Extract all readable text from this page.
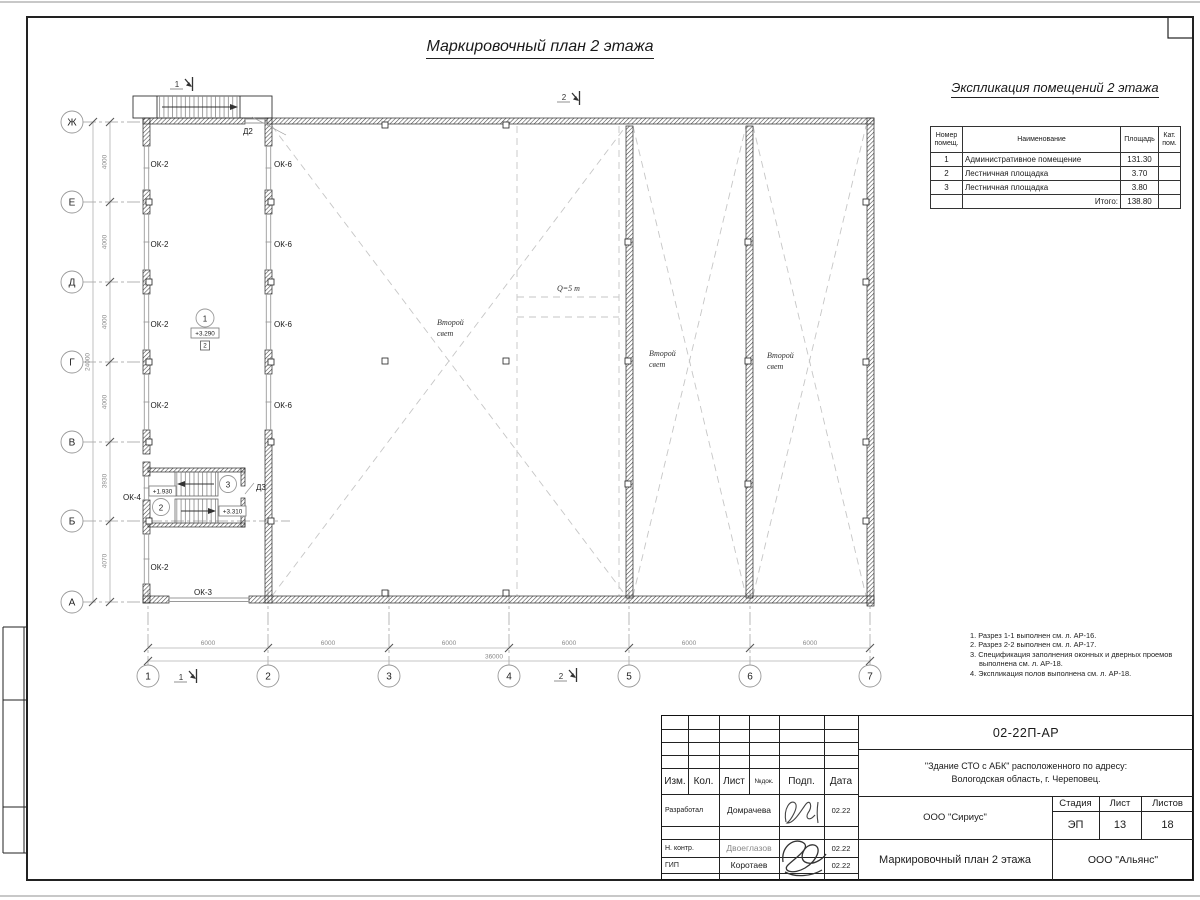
1
+3.290
2
2
+1.930
3
+3.310
ОК-2
ОК-2
ОК-2
ОК-2
ОК-2
ОК-6
ОК-6
ОК-6
ОК-6
ОК-4
ОК-3
Д2
Д3
Второй
свет
Второй
свет
Второй
свет
Q=5 т
1
2
1	2
4000
4000
4000
4000
3930
4070
24000
6000	6000	6000	6000	6000	6000
36000
Ж
Е
Д
Г
В
Б
А
1	2	3	4	5	6	7
Маркировочный план 2 этажа
Экспликация помещений 2 этажа
Номер помещ.	Наименование	Площадь	Кат. пом.
1	Административное помещение	131.30	
2	Лестничная площадка	3.70	
3	Лестничная площадка	3.80	
	Итого:	138.80	
1. Разрез 1-1 выполнен см. л. АР-16.
2. Разрез 2-2 выполнен см. л. АР-17.
3. Спецификация заполнения оконных и дверных проемов выполнена см. л. АР-18.
4. Экспликация полов выполнена см. л. АР-18.
Изм. Кол. Лист	№док.	Подп.	Дата
Разработал	Домрачева	02.22
Н. контр.	Двоеглазов	02.22
ГИП	Коротаев	02.22
02-22П-АР
"Здание СТО с АБК" расположенного по адресу:
Вологодская область, г. Череповец.
ООО "Сириус"
Стадия	Лист	Листов
ЭП	13	18
Маркировочный план 2 этажа	ООО "Альянс"
